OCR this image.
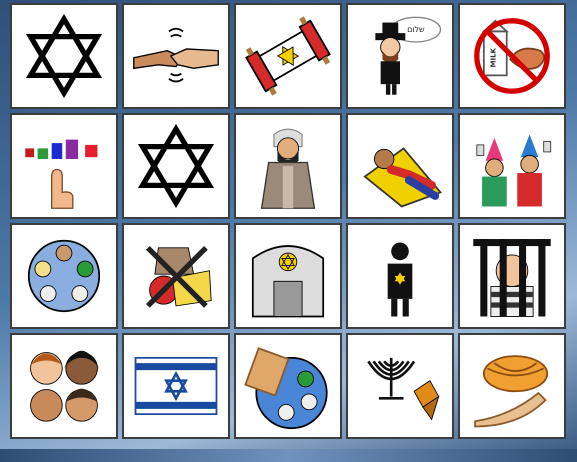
שלום
MILK
